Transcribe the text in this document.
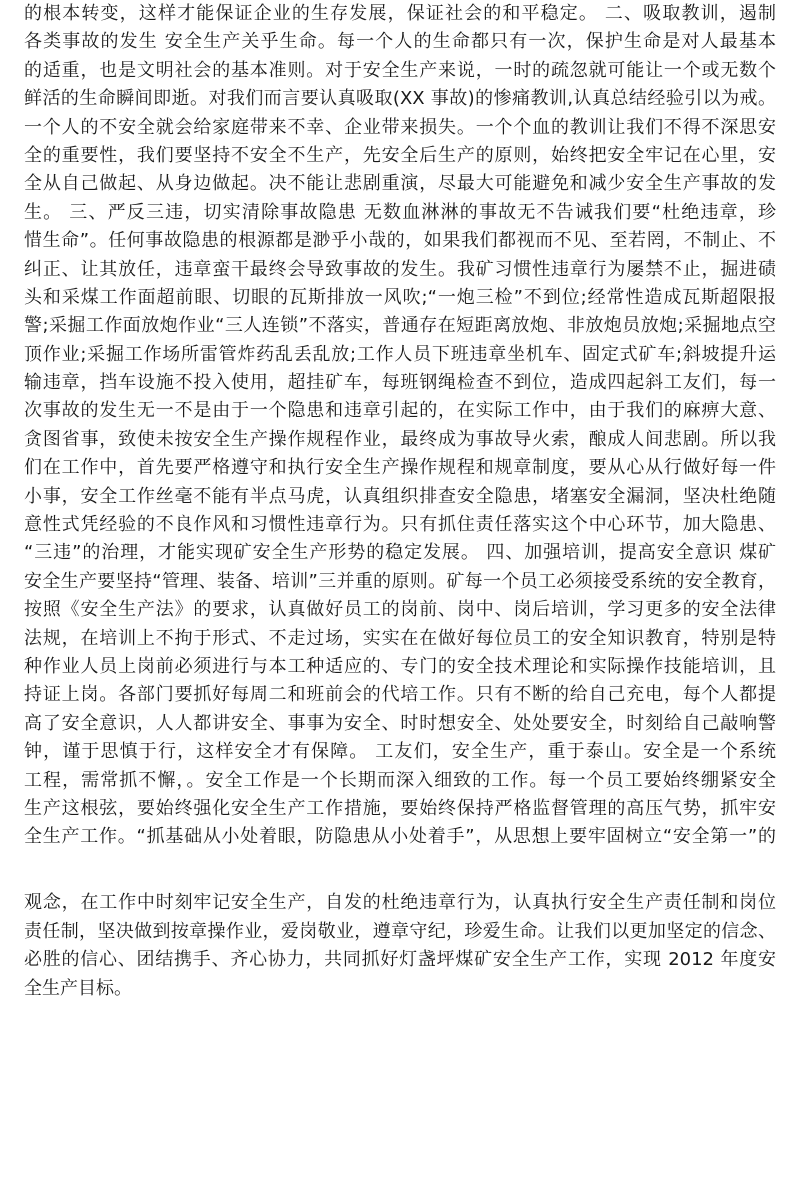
的根本转变，这样才能保证企业的生存发展，保证社会的和平稳定。 二、吸取教训，遏制
各类事故的发生 安全生产关乎生命。每一个人的生命都只有一次，保护生命是对人最基本
的适重，也是文明社会的基本准则。对于安全生产来说，一时的疏忽就可能让一个或无数个
鲜活的生命瞬间即逝。对我们而言要认真吸取(XX 事故)的惨痛教训,认真总结经验引以为戒。
一个人的不安全就会给家庭带来不幸、企业带来损失。一个个血的教训让我们不得不深思安
全的重要性，我们要坚持不安全不生产，先安全后生产的原则，始终把安全牢记在心里，安
全从自己做起、从身边做起。决不能让悲剧重演，尽最大可能避免和减少安全生产事故的发
生。 三、严反三违，切实清除事故隐患 无数血淋淋的事故无不告诫我们要“杜绝违章，珍
惜生命”。任何事故隐患的根源都是渺乎小哉的，如果我们都视而不见、至若罔，不制止、不
纠正、让其放任，违章蛮干最终会导致事故的发生。我矿习惯性违章行为屡禁不止，掘进碛
头和采煤工作面超前眼、切眼的瓦斯排放一风吹;“一炮三检”不到位;经常性造成瓦斯超限报
警;采掘工作面放炮作业“三人连锁”不落实，普通存在短距离放炮、非放炮员放炮;采掘地点空
顶作业;采掘工作场所雷管炸药乱丢乱放;工作人员下班违章坐机车、固定式矿车;斜坡提升运
输违章，挡车设施不投入使用，超挂矿车，每班钢绳检查不到位，造成四起斜工友们，每一
次事故的发生无一不是由于一个隐患和违章引起的，在实际工作中，由于我们的麻痹大意、
贪图省事，致使未按安全生产操作规程作业，最终成为事故导火索，酿成人间悲剧。所以我
们在工作中，首先要严格遵守和执行安全生产操作规程和规章制度，要从心从行做好每一件
小事，安全工作丝毫不能有半点马虎，认真组织排查安全隐患，堵塞安全漏洞，坚决杜绝随
意性式凭经验的不良作风和习惯性违章行为。只有抓住责任落实这个中心环节，加大隐患、
“三违”的治理，才能实现矿安全生产形势的稳定发展。 四、加强培训，提高安全意识 煤矿
安全生产要坚持“管理、装备、培训”三并重的原则。矿每一个员工必须接受系统的安全教育，
按照《安全生产法》的要求，认真做好员工的岗前、岗中、岗后培训，学习更多的安全法律
法规，在培训上不拘于形式、不走过场，实实在在做好每位员工的安全知识教育，特别是特
种作业人员上岗前必须进行与本工种适应的、专门的安全技术理论和实际操作技能培训，且
持证上岗。各部门要抓好每周二和班前会的代培工作。只有不断的给自己充电，每个人都提
高了安全意识，人人都讲安全、事事为安全、时时想安全、处处要安全，时刻给自己敲响警
钟，谨于思慎于行，这样安全才有保障。 工友们，安全生产，重于泰山。安全是一个系统
工程，需常抓不懈，。安全工作是一个长期而深入细致的工作。每一个员工要始终绷紧安全
生产这根弦，要始终强化安全生产工作措施，要始终保持严格监督管理的高压气势，抓牢安
全生产工作。“抓基础从小处着眼，防隐患从小处着手”，从思想上要牢固树立“安全第一”的
观念，在工作中时刻牢记安全生产，自发的杜绝违章行为，认真执行安全生产责任制和岗位
责任制，坚决做到按章操作业，爱岗敬业，遵章守纪，珍爱生命。让我们以更加坚定的信念、
必胜的信心、团结携手、齐心协力，共同抓好灯盏坪煤矿安全生产工作，实现 2012 年度安
全生产目标。
